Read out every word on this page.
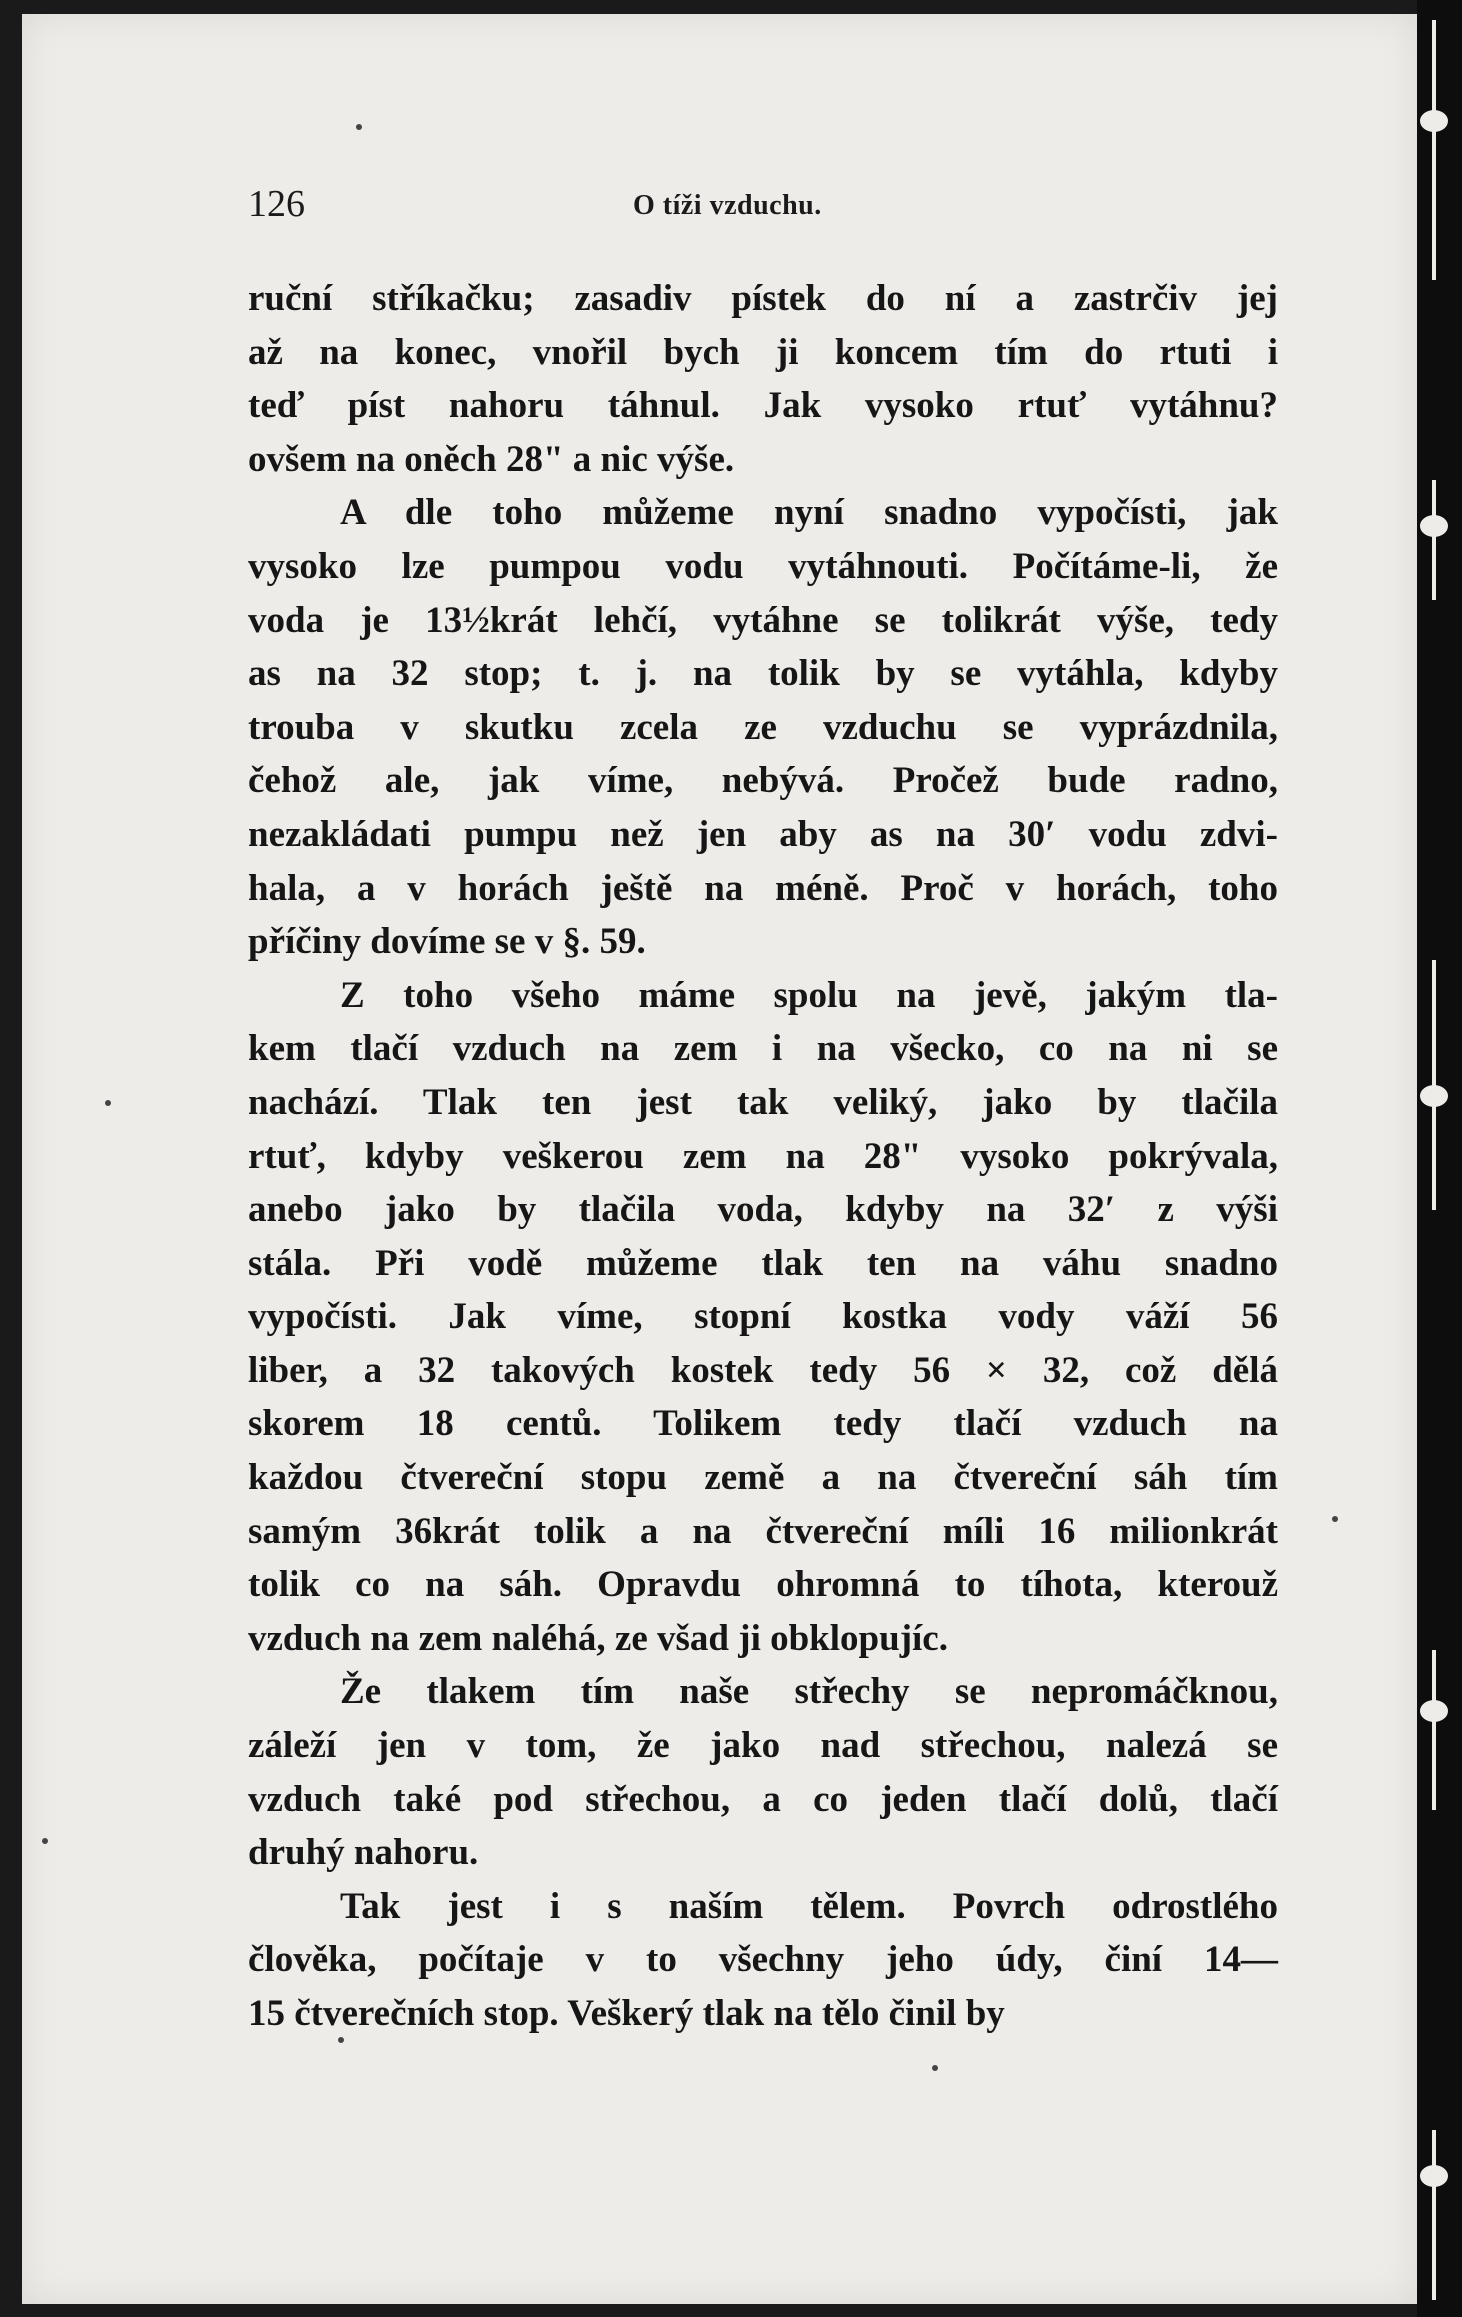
126	O tíži vzduchu.
ruční stříkačku; zasadiv pístek do ní a zastrčiv jej
až na konec, vnořil bych ji koncem tím do rtuti i
teď píst nahoru táhnul. Jak vysoko rtuť vytáhnu?
ovšem na oněch 28" a nic výše.
A dle toho můžeme nyní snadno vypočísti, jak
vysoko lze pumpou vodu vytáhnouti. Počítáme-li, že
voda je 13½krát lehčí, vytáhne se tolikrát výše, tedy
as na 32 stop; t. j. na tolik by se vytáhla, kdyby
trouba v skutku zcela ze vzduchu se vyprázdnila,
čehož ale, jak víme, nebývá. Pročež bude radno,
nezakládati pumpu než jen aby as na 30′ vodu zdvi-
hala, a v horách ještě na méně. Proč v horách, toho
příčiny dovíme se v §. 59.
Z toho všeho máme spolu na jevě, jakým tla-
kem tlačí vzduch na zem i na všecko, co na ni se
nachází. Tlak ten jest tak veliký, jako by tlačila
rtuť, kdyby veškerou zem na 28" vysoko pokrývala,
anebo jako by tlačila voda, kdyby na 32′ z výši
stála. Při vodě můžeme tlak ten na váhu snadno
vypočísti. Jak víme, stopní kostka vody váží 56
liber, a 32 takových kostek tedy 56 × 32, což dělá
skorem 18 centů. Tolikem tedy tlačí vzduch na
každou čtvereční stopu země a na čtvereční sáh tím
samým 36krát tolik a na čtvereční míli 16 milionkrát
tolik co na sáh. Opravdu ohromná to tíhota, kterouž
vzduch na zem naléhá, ze všad ji obklopujíc.
Že tlakem tím naše střechy se nepromáčknou,
záleží jen v tom, že jako nad střechou, nalezá se
vzduch také pod střechou, a co jeden tlačí dolů, tlačí
druhý nahoru.
Tak jest i s naším tělem. Povrch odrostlého
člověka, počítaje v to všechny jeho údy, činí 14—
15 čtverečních stop. Veškerý tlak na tělo činil by
